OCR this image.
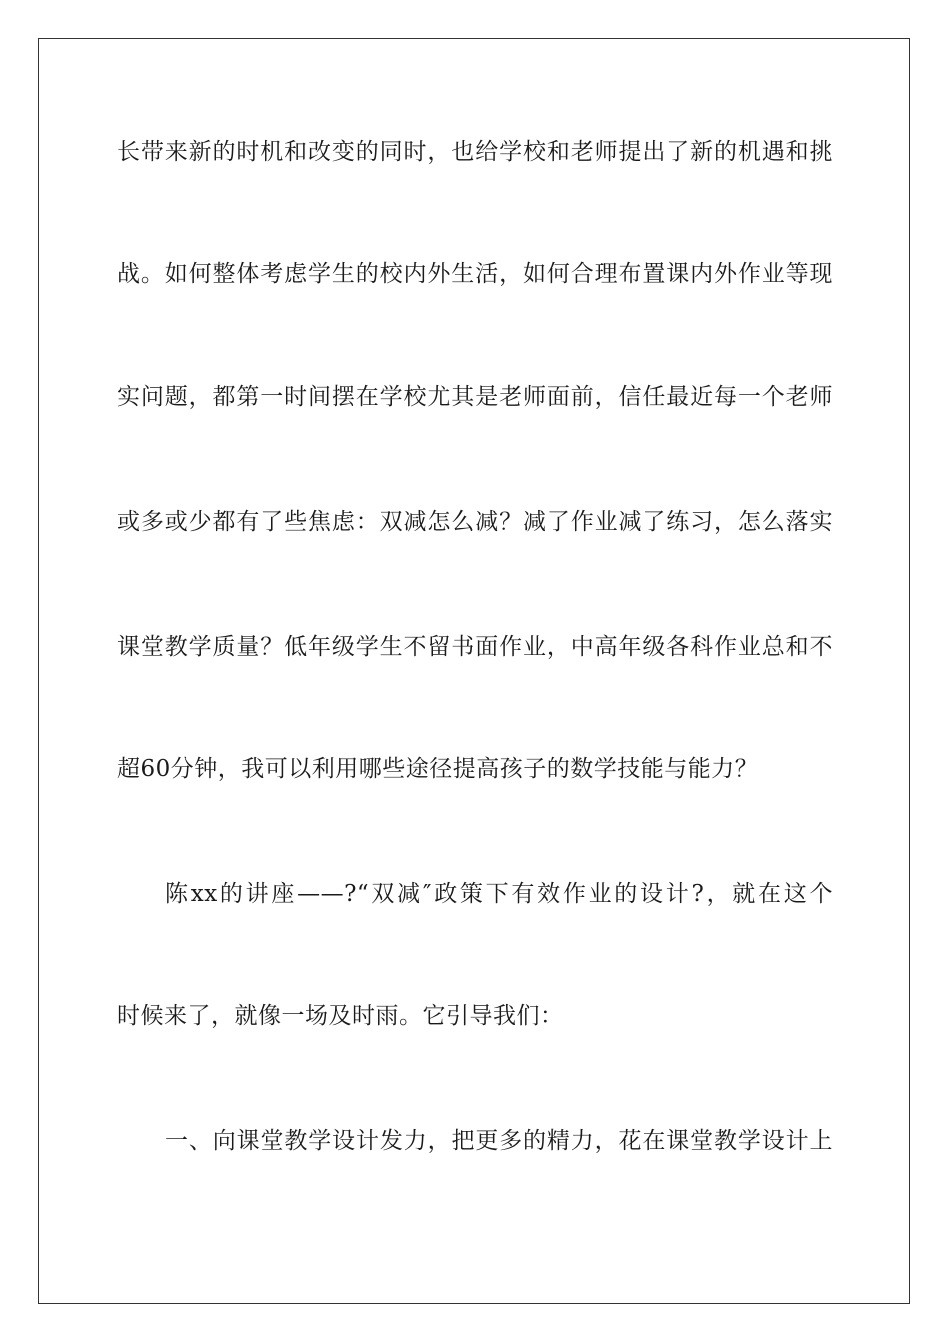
长带来新的时机和改变的同时，也给学校和老师提出了新的机遇和挑
战。如何整体考虑学生的校内外生活，如何合理布置课内外作业等现
实问题，都第一时间摆在学校尤其是老师面前，信任最近每一个老师
或多或少都有了些焦虑：双减怎么减？减了作业减了练习，怎么落实
课堂教学质量？低年级学生不留书面作业，中高年级各科作业总和不
超60分钟，我可以利用哪些途径提高孩子的数学技能与能力？
陈xx的讲座——?“双减″政策下有效作业的设计?，就在这个
时候来了，就像一场及时雨。它引导我们：
一、向课堂教学设计发力，把更多的精力，花在课堂教学设计上
